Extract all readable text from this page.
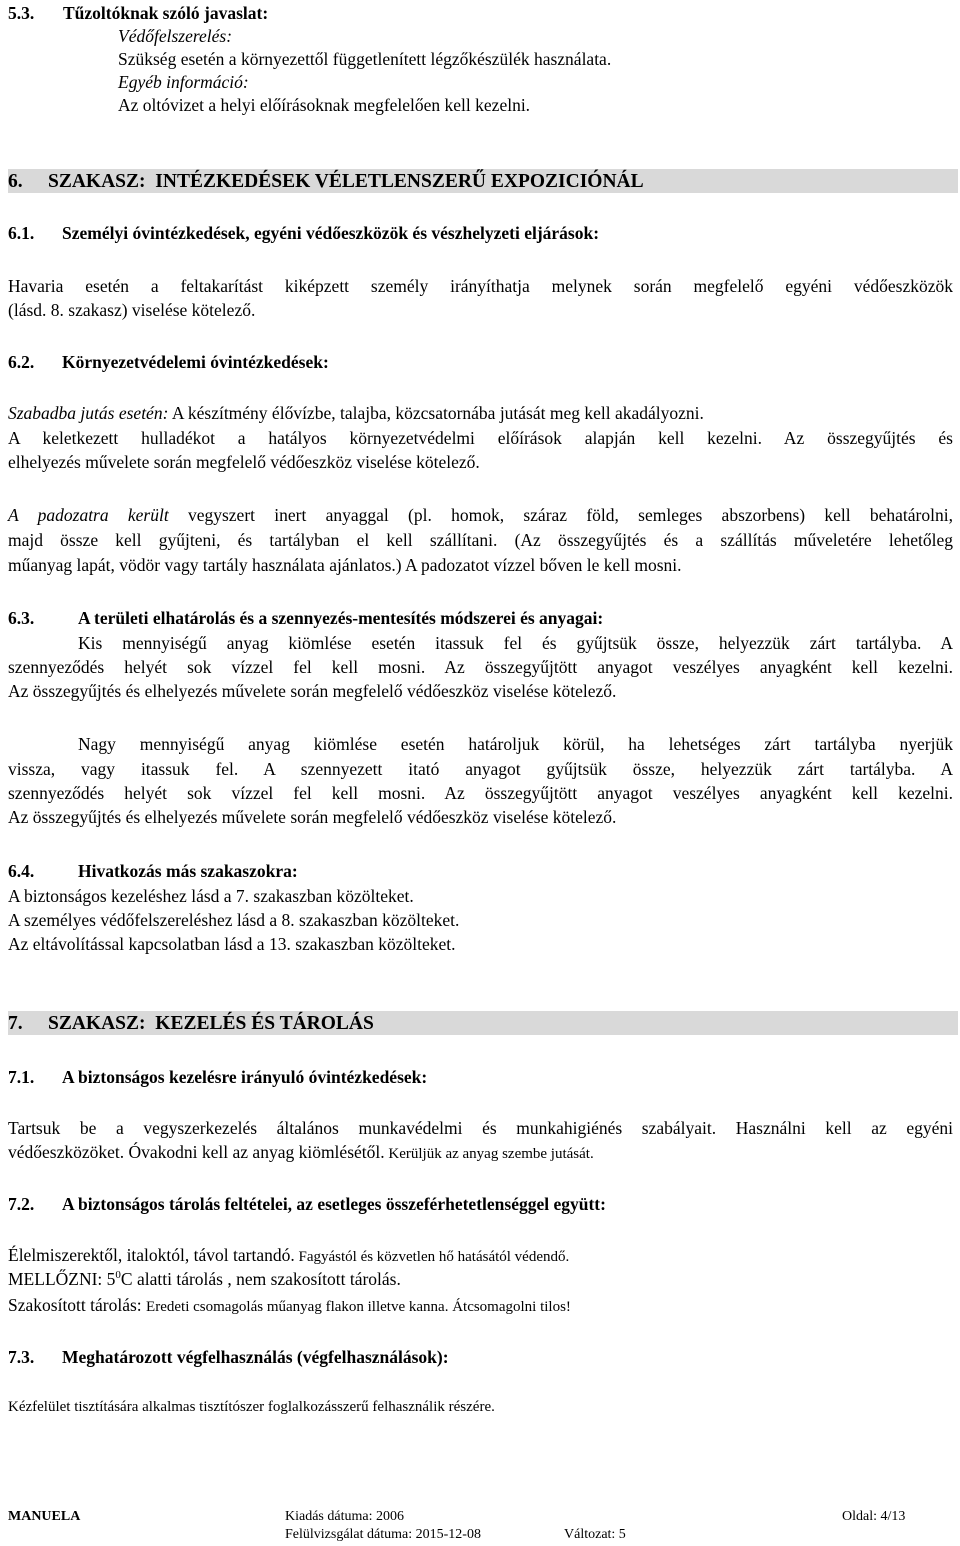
5.3. Tűzoltóknak szóló javaslat:
Védőfelszerelés:
Szükség esetén a környezettől függetlenített légzőkészülék használata.
Egyéb információ:
Az oltóvizet a helyi előírásoknak megfelelően kell kezelni.
6. SZAKASZ:  INTÉZKEDÉSEK VÉLETLENSZERŰ EXPOZICIÓNÁL
6.1. Személyi óvintézkedések, egyéni védőeszközök és vészhelyzeti eljárások:
Havaria esetén a feltakarítást kiképzett személy irányíthatja melynek során megfelelő egyéni védőeszközök
(lásd. 8. szakasz) viselése kötelező.
6.2. Környezetvédelemi óvintézkedések:
Szabadba jutás esetén: A készítmény élővízbe, talajba, közcsatornába jutását meg kell akadályozni.
A keletkezett hulladékot a hatályos környezetvédelmi előírások alapján kell kezelni. Az összegyűjtés és
elhelyezés művelete során megfelelő védőeszköz viselése kötelező.
A padozatra került vegyszert inert anyaggal (pl. homok, száraz föld, semleges abszorbens) kell behatárolni,
majd össze kell gyűjteni, és tartályban el kell szállítani. (Az összegyűjtés és a szállítás műveletére lehetőleg
műanyag lapát, vödör vagy tartály használata ajánlatos.) A padozatot vízzel bőven le kell mosni.
6.3.	A területi elhatárolás és a szennyezés-mentesítés módszerei és anyagai:
Kis mennyiségű anyag kiömlése esetén itassuk fel és gyűjtsük össze, helyezzük zárt tartályba. A
szennyeződés helyét sok vízzel fel kell mosni. Az összegyűjtött anyagot veszélyes anyagként kell kezelni.
Az összegyűjtés és elhelyezés művelete során megfelelő védőeszköz viselése kötelező.
Nagy mennyiségű anyag kiömlése esetén határoljuk körül, ha lehetséges zárt tartályba nyerjük
vissza, vagy itassuk fel. A szennyezett itató anyagot gyűjtsük össze, helyezzük zárt tartályba. A
szennyeződés helyét sok vízzel fel kell mosni. Az összegyűjtött anyagot veszélyes anyagként kell kezelni.
Az összegyűjtés és elhelyezés művelete során megfelelő védőeszköz viselése kötelező.
6.4.	Hivatkozás más szakaszokra:
A biztonságos kezeléshez lásd a 7. szakaszban közölteket.
A személyes védőfelszereléshez lásd a 8. szakaszban közölteket.
Az eltávolítással kapcsolatban lásd a 13. szakaszban közölteket.
7. SZAKASZ:  KEZELÉS ÉS TÁROLÁS
7.1. A biztonságos kezelésre irányuló óvintézkedések:
Tartsuk be a vegyszerkezelés általános munkavédelmi és munkahigiénés szabályait. Használni kell az egyéni
védőeszközöket. Óvakodni kell az anyag kiömlésétől. Kerüljük az anyag szembe jutását.
7.2. A biztonságos tárolás feltételei, az esetleges összeférhetetlenséggel együtt:
Élelmiszerektől, italoktól, távol tartandó. Fagyástól és közvetlen hő hatásától védendő.
MELLŐZNI: $5^0C$ alatti tárolás , nem szakosított tárolás.
Szakosított tárolás: Eredeti csomagolás műanyag flakon illetve kanna. Átcsomagolni tilos!
7.3. Meghatározott végfelhasználás (végfelhasználások):
Kézfelület tisztítására alkalmas tisztítószer foglalkozásszerű felhasználik részére.
MANUELA	Kiadás dátuma: 2006	Oldal: 4/13
Felülvizsgálat dátuma: 2015-12-08	Változat: 5
